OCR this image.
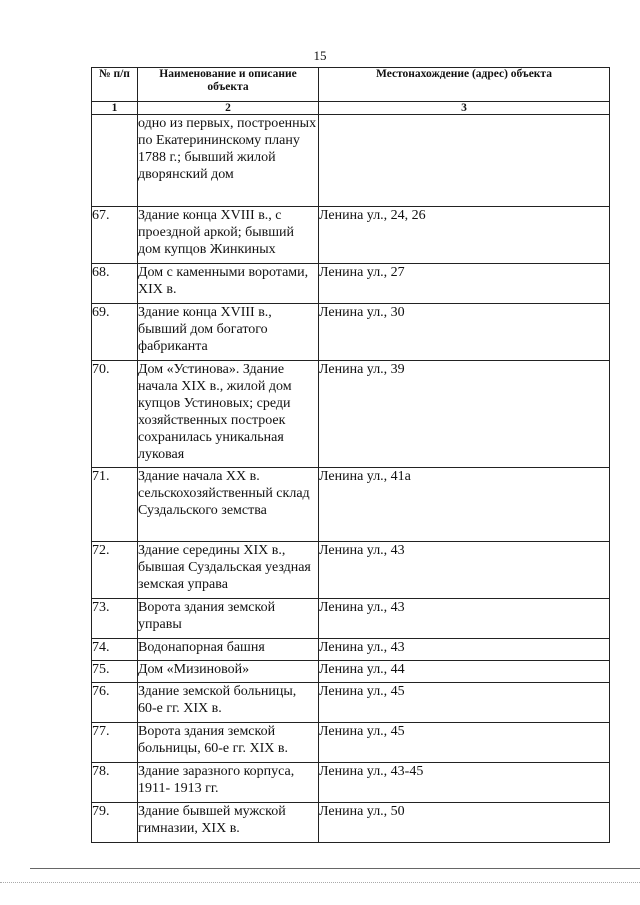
15
№ п/п	Наименование и описание объекта	Местонахождение (адрес) объекта
1	2	3
	одно из первых, построенных по Екатерининскому плану 1788 г.; бывший жилой дворянский дом	
67.	Здание конца XVIII в., с проездной аркой; бывший дом купцов Жинкиных	Ленина ул., 24, 26
68.	Дом с каменными воротами, XIX в.	Ленина ул., 27
69.	Здание конца XVIII в., бывший дом богатого фабриканта	Ленина ул., 30
70.	Дом «Устинова». Здание начала XIX в., жилой дом купцов Устиновых; среди хозяйственных построек сохранилась уникальная луковая	Ленина ул., 39
71.	Здание начала XX в. сельскохозяйственный склад Суздальского земства	Ленина ул., 41а
72.	Здание середины XIX в., бывшая Суздальская уездная земская управа	Ленина ул., 43
73.	Ворота здания земской управы	Ленина ул., 43
74.	Водонапорная башня	Ленина ул., 43
75.	Дом «Мизиновой»	Ленина ул., 44
76.	Здание земской больницы, 60-е гг. XIX в.	Ленина ул., 45
77.	Ворота здания земской больницы, 60-е гг. XIX в.	Ленина ул., 45
78.	Здание заразного корпуса, 1911- 1913 гг.	Ленина ул., 43-45
79.	Здание бывшей мужской гимназии, XIX в.	Ленина ул., 50
